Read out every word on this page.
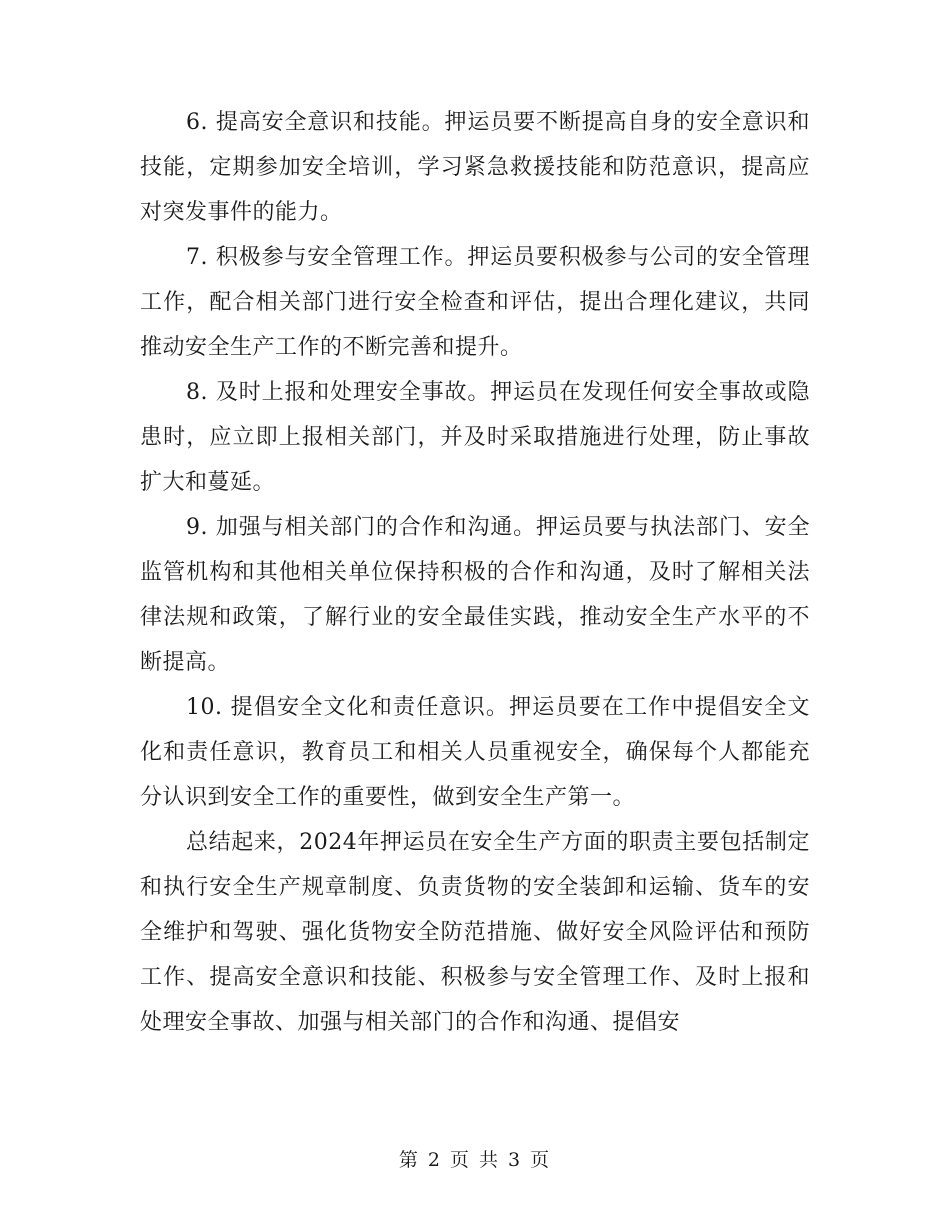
6. 提高安全意识和技能。押运员要不断提高自身的安全意识和技能，定期参加安全培训，学习紧急救援技能和防范意识，提高应对突发事件的能力。

7. 积极参与安全管理工作。押运员要积极参与公司的安全管理工作，配合相关部门进行安全检查和评估，提出合理化建议，共同推动安全生产工作的不断完善和提升。

8. 及时上报和处理安全事故。押运员在发现任何安全事故或隐患时，应立即上报相关部门，并及时采取措施进行处理，防止事故扩大和蔓延。

9. 加强与相关部门的合作和沟通。押运员要与执法部门、安全监管机构和其他相关单位保持积极的合作和沟通，及时了解相关法律法规和政策，了解行业的安全最佳实践，推动安全生产水平的不断提高。

10. 提倡安全文化和责任意识。押运员要在工作中提倡安全文化和责任意识，教育员工和相关人员重视安全，确保每个人都能充分认识到安全工作的重要性，做到安全生产第一。

总结起来，2024年押运员在安全生产方面的职责主要包括制定和执行安全生产规章制度、负责货物的安全装卸和运输、货车的安全维护和驾驶、强化货物安全防范措施、做好安全风险评估和预防工作、提高安全意识和技能、积极参与安全管理工作、及时上报和处理安全事故、加强与相关部门的合作和沟通、提倡安

第 2 页 共 3 页
